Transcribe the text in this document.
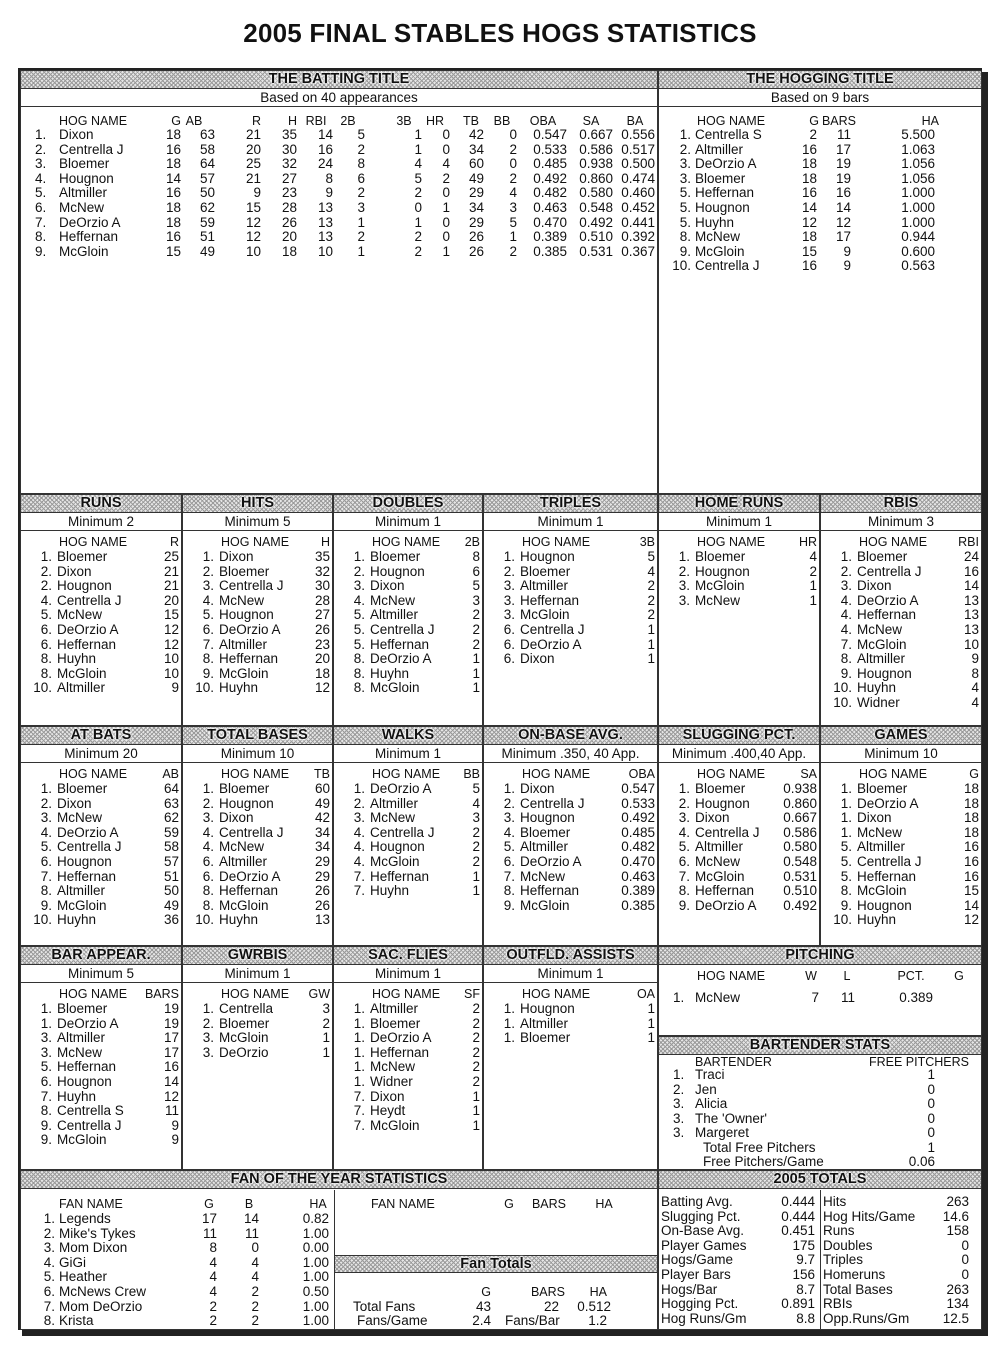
2005 FINAL STABLES HOGS STATISTICS
THE BATTING TITLE
Based on 40 appearances
HOG NAME	G AB	R	H RBI	2B	3B	HR	TB	BB	OBA	SA	BA
1. Dixon	18	63	21	35	14	5	1	0	42	0	0.547 0.667 0.556
2. Centrella J	16	58	20	30	16	2	1	0	34	2	0.533 0.586 0.517
3. Bloemer	18	64	25	32	24	8	4	4	60	0	0.485 0.938 0.500
4. Hougnon	14	57	21	27	8	6	5	2	49	2	0.492 0.860 0.474
5. Altmiller	16	50	9	23	9	2	2	0	29	4	0.482 0.580 0.460
6. McNew	18	62	15	28	13	3	0	1	34	3	0.463 0.548 0.452
7. DeOrzio A	18	59	12	26	13	1	1	0	29	5	0.470 0.492 0.441
8. Heffernan	16	51	12	20	13	2	2	0	26	1	0.389 0.510 0.392
9. McGloin	15	49	10	18	10	1	2	1	26	2	0.385 0.531 0.367
THE HOGGING TITLE
Based on 9 bars
HOG NAME	G BARS	HA
1. Centrella S	2	11	5.500
2. Altmiller	16	17	1.063
3. DeOrzio A	18	19	1.056
3. Bloemer	18	19	1.056
5. Heffernan	16	16	1.000
5. Hougnon	14	14	1.000
5. Huyhn	12	12	1.000
8. McNew	18	17	0.944
9. McGloin	15	9	0.600
10. Centrella J	16	9	0.563
RUNS
Minimum 2
HOG NAME	R
1. Bloemer	25
2. Dixon	21
2. Hougnon	21
4. Centrella J	20
5. McNew	15
6. DeOrzio A	12
6. Heffernan	12
8. Huyhn	10
8. McGloin	10
10. Altmiller	9
HITS
Minimum 5
HOG NAME	H
1. Dixon	35
2. Bloemer	32
3. Centrella J	30
4. McNew	28
5. Hougnon	27
6. DeOrzio A	26
7. Altmiller	23
8. Heffernan	20
9. McGloin	18
10. Huyhn	12
DOUBLES
Minimum 1
HOG NAME	2B
1. Bloemer	8
2. Hougnon	6
3. Dixon	5
4. McNew	3
5. Altmiller	2
5. Centrella J	2
5. Heffernan	2
8. DeOrzio A	1
8. Huyhn	1
8. McGloin	1
TRIPLES
Minimum 1
HOG NAME	3B
1. Hougnon	5
2. Bloemer	4
3. Altmiller	2
3. Heffernan	2
3. McGloin	2
6. Centrella J	1
6. DeOrzio A	1
6. Dixon	1
HOME RUNS
Minimum 1
HOG NAME	HR
1. Bloemer	4
2. Hougnon	2
3. McGloin	1
3. McNew	1
RBIS
Minimum 3
HOG NAME	RBI
1. Bloemer	24
2. Centrella J	16
3. Dixon	14
4. DeOrzio A	13
4. Heffernan	13
4. McNew	13
7. McGloin	10
8. Altmiller	9
9. Hougnon	8
10. Huyhn	4
10. Widner	4
AT BATS
Minimum 20
HOG NAME	AB
1. Bloemer	64
2. Dixon	63
3. McNew	62
4. DeOrzio A	59
5. Centrella J	58
6. Hougnon	57
7. Heffernan	51
8. Altmiller	50
9. McGloin	49
10. Huyhn	36
TOTAL BASES
Minimum 10
HOG NAME	TB
1. Bloemer	60
2. Hougnon	49
3. Dixon	42
4. Centrella J	34
4. McNew	34
6. Altmiller	29
6. DeOrzio A	29
8. Heffernan	26
8. McGloin	26
10. Huyhn	13
WALKS
Minimum 1
HOG NAME	BB
1. DeOrzio A	5
2. Altmiller	4
3. McNew	3
4. Centrella J	2
4. Hougnon	2
4. McGloin	2
7. Heffernan	1
7. Huyhn	1
ON-BASE AVG.
Minimum .350, 40 App.
HOG NAME	OBA
1. Dixon	0.547
2. Centrella J	0.533
3. Hougnon	0.492
4. Bloemer	0.485
5. Altmiller	0.482
6. DeOrzio A	0.470
7. McNew	0.463
8. Heffernan	0.389
9. McGloin	0.385
SLUGGING PCT.
Minimum .400,40 App.
HOG NAME	SA
1. Bloemer	0.938
2. Hougnon	0.860
3. Dixon	0.667
4. Centrella J	0.586
5. Altmiller	0.580
6. McNew	0.548
7. McGloin	0.531
8. Heffernan	0.510
9. DeOrzio A	0.492
GAMES
Minimum 10
HOG NAME	G
1. Bloemer	18
1. DeOrzio A	18
1. Dixon	18
1. McNew	18
5. Altmiller	16
5. Centrella J	16
5. Heffernan	16
8. McGloin	15
9. Hougnon	14
10. Huyhn	12
BAR APPEAR.
Minimum 5
HOG NAME	BARS
1. Bloemer	19
1. DeOrzio A	19
3. Altmiller	17
3. McNew	17
5. Heffernan	16
6. Hougnon	14
7. Huyhn	12
8. Centrella S	11
9. Centrella J	9
9. McGloin	9
GWRBIS
Minimum 1
HOG NAME	GW
1. Centrella	3
2. Bloemer	2
3. McGloin	1
3. DeOrzio	1
SAC. FLIES
Minimum 1
HOG NAME	SF
1. Altmiller	2
1. Bloemer	2
1. DeOrzio A	2
1. Heffernan	2
1. McNew	2
1. Widner	2
7. Dixon	1
7. Heydt	1
7. McGloin	1
OUTFLD. ASSISTS
Minimum 1
HOG NAME	OA
1. Hougnon	1
1. Altmiller	1
1. Bloemer	1
PITCHING
HOG NAME	W	L	PCT.	G
1. McNew	7	11	0.389
BARTENDER STATS
BARTENDER	FREE PITCHERS
1. Traci	1
2. Jen	0
3. Alicia	0
3. The 'Owner'	0
3. Margeret	0
Total Free Pitchers	1
Free Pitchers/Game	0.06
FAN OF THE YEAR STATISTICS
FAN NAME	G	B	HA
1. Legends	17	14	0.82
2. Mike's Tykes	11	11	1.00
3. Mom Dixon	8	0	0.00
4. GiGi	4	4	1.00
5. Heather	4	4	1.00
6. McNews Crew	4	2	0.50
7. Mom DeOrzio	2	2	1.00
8. Krista	2	2	1.00
FAN NAME	G	BARS	HA
Fan Totals
G	BARS HA
Total Fans	43	22	0.512
Fans/Game	2.4 Fans/Bar	1.2
2005 TOTALS
Batting Avg.	0.444
Slugging Pct.	0.444
On-Base Avg.	0.451
Player Games	175
Hogs/Game	9.7
Player Bars	156
Hogs/Bar	8.7
Hogging Pct.	0.891
Hog Runs/Gm	8.8
Hits	263
Hog Hits/Game	14.6
Runs	158
Doubles	0
Triples	0
Homeruns	0
Total Bases	263
RBIs	134
Opp.Runs/Gm	12.5
